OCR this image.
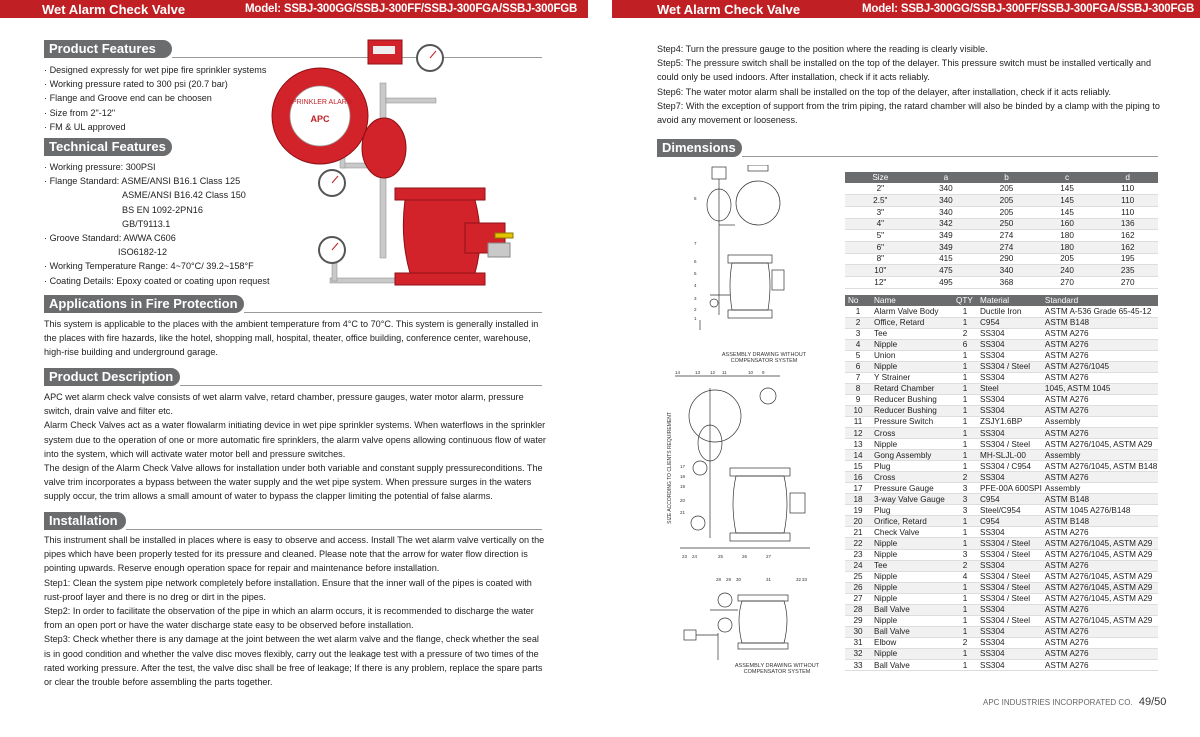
Wet Alarm Check Valve	Model: SSBJ-300GG/SSBJ-300FF/SSBJ-300FGA/SSBJ-300FGB	Wet Alarm Check Valve	Model: SSBJ-300GG/SSBJ-300FF/SSBJ-300FGA/SSBJ-300FGB
Product Features

· Designed expressly for wet pipe fire sprinkler systems

· Working pressure rated to 300 psi (20.7 bar)

· Flange and Groove end can be choosen

· Size from 2"-12"

· FM & UL approved

Technical Features

· Working pressure: 300PSI

· Flange Standard: ASME/ANSI B16.1 Class 125

ASME/ANSI B16.42 Class 150

BS EN 1092-2PN16

GB/T9113.1

· Groove Standard: AWWA C606

ISO6182-12

· Working Temperature Range: 4~70°C/ 39.2~158°F

· Coating Details: Epoxy coated or coating upon request

SPRINKLER ALARM
APC
Applications in Fire Protection
This system is applicable to the places with the ambient temperature from 4°C to 70°C. This system is generally installed in the places with fire hazards, like the hotel, shopping mall, hospital, theater, office building, conference center, warehouse, high-rise building and underground garage.
Product Description

APC wet alarm check valve consists of wet alarm valve, retard chamber, pressure gauges, water motor alarm, pressure switch, drain valve and filter etc.

Alarm Check Valves act as a water flowalarm initiating device in wet pipe sprinkler systems. When waterflows in the sprinkler system due to the operation of one or more automatic fire sprinklers, the alarm valve opens allowing continuous flow of water into the system, which will activate water motor bell and pressure switches.

The design of the Alarm Check Valve allows for installation under both variable and constant supply pressureconditions. The valve trim incorporates a bypass between the water supply and the wet pipe system. When pressure surges in the waters supply occur, the trim allows a small amount of water to bypass the clapper limiting the potential of false alarms.

Installation

This instrument shall be installed in places where is easy to observe and access. Install The wet alarm valve vertically on the pipes which have been properly tested for its pressure and cleaned. Please note that the arrow for water flow direction is pointing upwards. Reserve enough operation space for repair and maintenance before installation.

Step1: Clean the system pipe network completely before installation. Ensure that the inner wall of the pipes is coated with rust-proof layer and there is no dreg or dirt in the pipes.

Step2: In order to facilitate the observation of the pipe in which an alarm occurs, it is recommended to discharge the water from an open port or have the water discharge state easy to be observed before installation.

Step3: Check whether there is any damage at the joint between the wet alarm valve and the flange, check whether the seal is in good condition and whether the valve disc moves flexibly, carry out the leakage test with a pressure of two times of the rated working pressure. After the test, the valve disc shall be free of leakage; If there is any problem, replace the spare parts or clear the trouble before assembling the parts together.

Step4: Turn the pressure gauge to the position where the reading is clearly visible.

Step5: The pressure switch shall be installed on the top of the delayer. This pressure switch must be installed vertically and could only be used indoors. After installation, check if it acts reliably.

Step6: The water motor alarm shall be installed on the top of the delayer, after installation, check if it acts reliably.

Step7: With the exception of support from the trim piping, the ratard chamber will also be binded by a clamp with the piping to avoid any movement or looseness.

Dimensions
8
7
6
5
4
3
2
1
ASSEMBLY DRAWING WITHOUT COMPENSATOR SYSTEM
SIZE ACCORDING TO CLIENTS REQUIREMENT
14	13 12 11	10 9
17
18
19
20
21
23 24	25	26	27
28 29 30	31	32 33
ASSEMBLY DRAWING WITHOUT COMPENSATOR SYSTEM
Size	a	b	c	d
2"	340	205	145	110
2.5"	340	205	145	110
3"	340	205	145	110
4"	342	250	160	136
5"	349	274	180	162
6"	349	274	180	162
8"	415	290	205	195
10"	475	340	240	235
12"	495	368	270	270
No	Name	QTY	Material	Standard
1	Alarm Valve Body	1	Ductile Iron	ASTM A-536 Grade 65-45-12
2	Office, Retard	1	C954	ASTM B148
3	Tee	2	SS304	ASTM A276
4	Nipple	6	SS304	ASTM A276
5	Union	1	SS304	ASTM A276
6	Nipple	1	SS304 / Steel	ASTM A276/1045
7	Y Strainer	1	SS304	ASTM A276
8	Retard Chamber	1	Steel	1045, ASTM 1045
9	Reducer Bushing	1	SS304	ASTM A276
10	Reducer Bushing	1	SS304	ASTM A276
11	Pressure Switch	1	ZSJY1.6BP	Assembly
12	Cross	1	SS304	ASTM A276
13	Nipple	1	SS304 / Steel	ASTM A276/1045, ASTM A29
14	Gong Assembly	1	MH-SLJL-00	Assembly
15	Plug	1	SS304 / C954	ASTM A276/1045, ASTM B148
16	Cross	2	SS304	ASTM A276
17	Pressure Gauge	3	PFE-00A 600SPI	Assembly
18	3-way Valve Gauge	3	C954	ASTM B148
19	Plug	3	Steel/C954	ASTM 1045 A276/B148
20	Orifice, Retard	1	C954	ASTM B148
21	Check Valve	1	SS304	ASTM A276
22	Nipple	1	SS304 / Steel	ASTM A276/1045, ASTM A29
23	Nipple	3	SS304 / Steel	ASTM A276/1045, ASTM A29
24	Tee	2	SS304	ASTM A276
25	Nipple	4	SS304 / Steel	ASTM A276/1045, ASTM A29
26	Nipple	1	SS304 / Steel	ASTM A276/1045, ASTM A29
27	Nipple	1	SS304 / Steel	ASTM A276/1045, ASTM A29
28	Ball Valve	1	SS304	ASTM A276
29	Nipple	1	SS304 / Steel	ASTM A276/1045, ASTM A29
30	Ball Valve	1	SS304	ASTM A276
31	Elbow	2	SS304	ASTM A276
32	Nipple	1	SS304	ASTM A276
33	Ball Valve	1	SS304	ASTM A276
APC INDUSTRIES INCORPORATED CO. 49/50
